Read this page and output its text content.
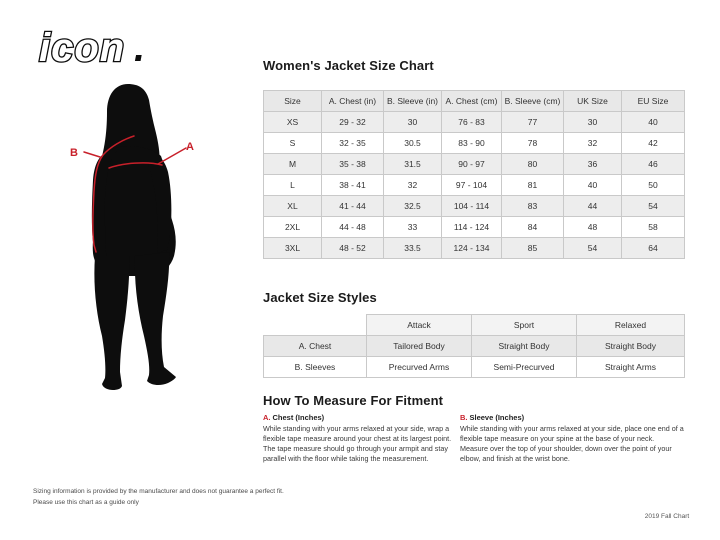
icon .
A
B
Women's Jacket Size Chart
Size	A. Chest (in)	B. Sleeve (in)	A. Chest (cm)	B. Sleeve (cm)	UK Size	EU Size
XS	29 - 32	30	76 - 83	77	30	40
S	32 - 35	30.5	83 - 90	78	32	42
M	35 - 38	31.5	90 - 97	80	36	46
L	38 - 41	32	97 - 104	81	40	50
XL	41 - 44	32.5	104 - 114	83	44	54
2XL	44 - 48	33	114 - 124	84	48	58
3XL	48 - 52	33.5	124 - 134	85	54	64
Jacket Size Styles
	Attack	Sport	Relaxed
A. Chest	Tailored Body	Straight Body	Straight Body
B. Sleeves	Precurved Arms	Semi-Precurved	Straight Arms
How To Measure For Fitment
A. Chest (Inches)

While standing with your arms relaxed at your side, wrap a flexible tape measure around your chest at its largest point. The tape measure should go through your armpit and stay parallel with the floor while taking the measurement.

B. Sleeve (Inches)

While standing with your arms relaxed at your side, place one end of a flexible tape measure on your spine at the base of your neck. Measure over the top of your shoulder, down over the point of your elbow, and finish at the wrist bone.

Sizing information is provided by the manufacturer and does not guarantee a perfect fit.
Please use this chart as a guide only
2019 Fall Chart
